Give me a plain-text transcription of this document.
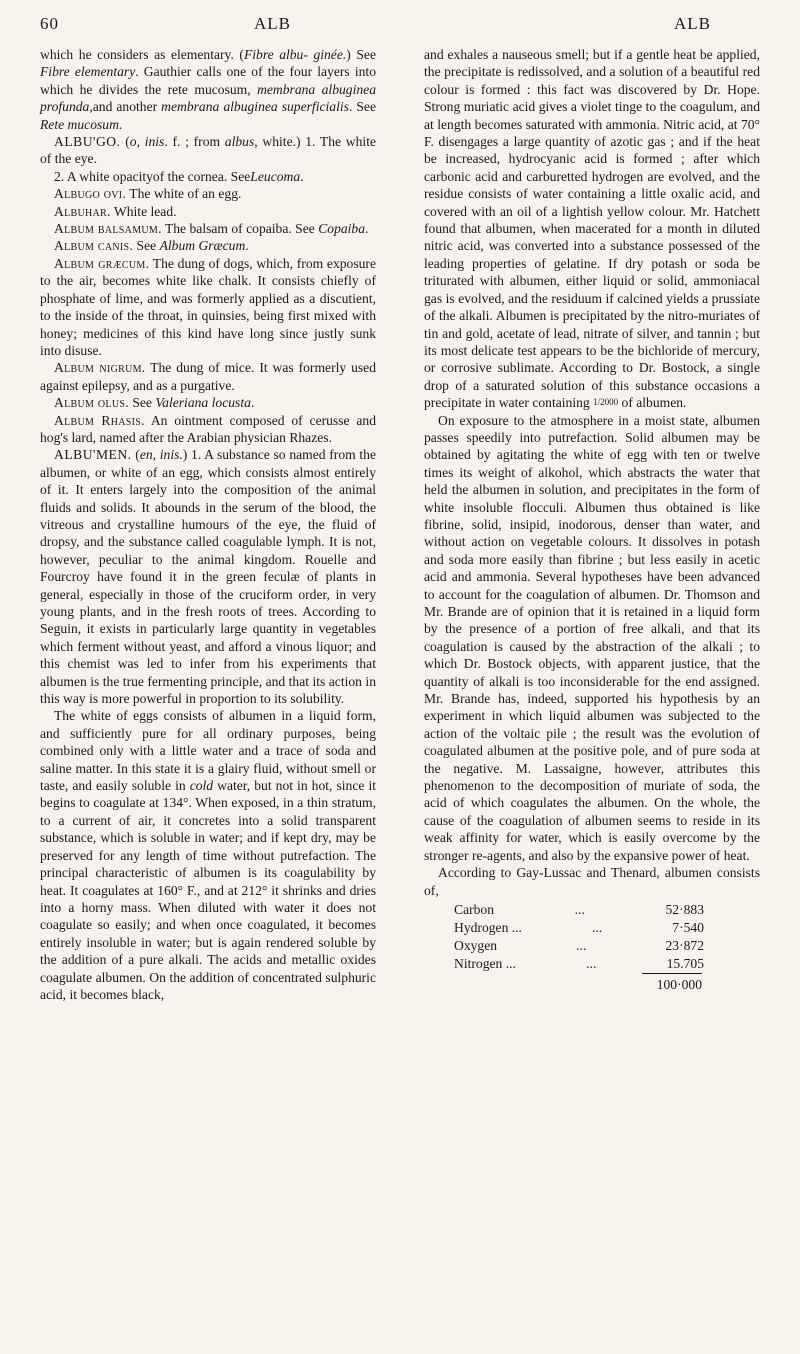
60	ALB	ALB

which he considers as elementary. (Fibre albu- ginée.) See Fibre elementary. Gauthier calls one of the four layers into which he divides the rete mucosum, membrana albuginea profunda,and another membrana albuginea superficialis. See Rete mucosum.

ALBU'GO. (o, inis. f. ; from albus, white.) 1. The white of the eye.

2. A white opacityof the cornea. SeeLeucoma.

Albugo ovi. The white of an egg.

Albuhar. White lead.

Album balsamum. The balsam of copaiba. See Copaiba.

Album canis. See Album Græcum.

Album græcum. The dung of dogs, which, from exposure to the air, becomes white like chalk. It consists chiefly of phosphate of lime, and was formerly applied as a discutient, to the inside of the throat, in quinsies, being first mixed with honey; medicines of this kind have long since justly sunk into disuse.

Album nigrum. The dung of mice. It was formerly used against epilepsy, and as a purgative.

Album olus. See Valeriana locusta.

Album Rhasis. An ointment composed of cerusse and hog's lard, named after the Arabian physician Rhazes.

ALBU'MEN. (en, inis.) 1. A substance so named from the albumen, or white of an egg, which consists almost entirely of it. It enters largely into the composition of the animal fluids and solids. It abounds in the serum of the blood, the vitreous and crystalline humours of the eye, the fluid of dropsy, and the substance called coagulable lymph. It is not, however, peculiar to the animal kingdom. Rouelle and Fourcroy have found it in the green feculæ of plants in general, especially in those of the cruciform order, in very young plants, and in the fresh roots of trees. According to Seguin, it exists in particularly large quantity in vegetables which ferment without yeast, and afford a vinous liquor; and this chemist was led to infer from his experiments that albumen is the true fermenting principle, and that its action in this way is more powerful in proportion to its solubility.

The white of eggs consists of albumen in a liquid form, and sufficiently pure for all ordinary purposes, being combined only with a little water and a trace of soda and saline matter. In this state it is a glairy fluid, without smell or taste, and easily soluble in cold water, but not in hot, since it begins to coagulate at 134°. When exposed, in a thin stratum, to a current of air, it concretes into a solid transparent substance, which is soluble in water; and if kept dry, may be preserved for any length of time without putrefaction. The principal characteristic of albumen is its coagulability by heat. It coagulates at 160° F., and at 212° it shrinks and dries into a horny mass. When diluted with water it does not coagulate so easily; and when once coagulated, it becomes entirely insoluble in water; but is again rendered soluble by the addition of a pure alkali. The acids and metallic oxides coagulate albumen. On the addition of concentrated sulphuric acid, it becomes black,

and exhales a nauseous smell; but if a gentle heat be applied, the precipitate is redissolved, and a solution of a beautiful red colour is formed : this fact was discovered by Dr. Hope. Strong muriatic acid gives a violet tinge to the coagulum, and at length becomes saturated with ammonia. Nitric acid, at 70° F. disengages a large quantity of azotic gas ; and if the heat be increased, hydrocyanic acid is formed ; after which carbonic acid and carburetted hydrogen are evolved, and the residue consists of water containing a little oxalic acid, and covered with an oil of a lightish yellow colour. Mr. Hatchett found that albumen, when macerated for a month in diluted nitric acid, was converted into a substance possessed of the leading properties of gelatine. If dry potash or soda be triturated with albumen, either liquid or solid, ammoniacal gas is evolved, and the residuum if calcined yields a prussiate of the alkali. Albumen is precipitated by the nitro-muriates of tin and gold, acetate of lead, nitrate of silver, and tannin ; but its most delicate test appears to be the bichloride of mercury, or corrosive sublimate. According to Dr. Bostock, a single drop of a saturated solution of this substance occasions a precipitate in water containing 1/2000 of albumen.

On exposure to the atmosphere in a moist state, albumen passes speedily into putrefaction. Solid albumen may be obtained by agitating the white of egg with ten or twelve times its weight of alkohol, which abstracts the water that held the albumen in solution, and precipitates in the form of white insoluble flocculi. Albumen thus obtained is like fibrine, solid, insipid, inodorous, denser than water, and without action on vegetable colours. It dissolves in potash and soda more easily than fibrine ; but less easily in acetic acid and ammonia. Several hypotheses have been advanced to account for the coagulation of albumen. Dr. Thomson and Mr. Brande are of opinion that it is retained in a liquid form by the presence of a portion of free alkali, and that its coagulation is caused by the abstraction of the alkali ; to which Dr. Bostock objects, with apparent justice, that the quantity of alkali is too inconsiderable for the end assigned. Mr. Brande has, indeed, supported his hypothesis by an experiment in which liquid albumen was subjected to the action of the voltaic pile ; the result was the evolution of coagulated albumen at the positive pole, and of pure soda at the negative. M. Lassaigne, however, attributes this phenomenon to the decomposition of muriate of soda, the acid of which coagulates the albumen. On the whole, the cause of the coagulation of albumen seems to reside in its weak affinity for water, which is easily overcome by the stronger re-agents, and also by the expansive power of heat.

According to Gay-Lussac and Thenard, albumen consists of,

Carbon	...	52·883
Hydrogen ...	...	7·540
Oxygen	...	23·872
Nitrogen ...	...	15.705
100·000
